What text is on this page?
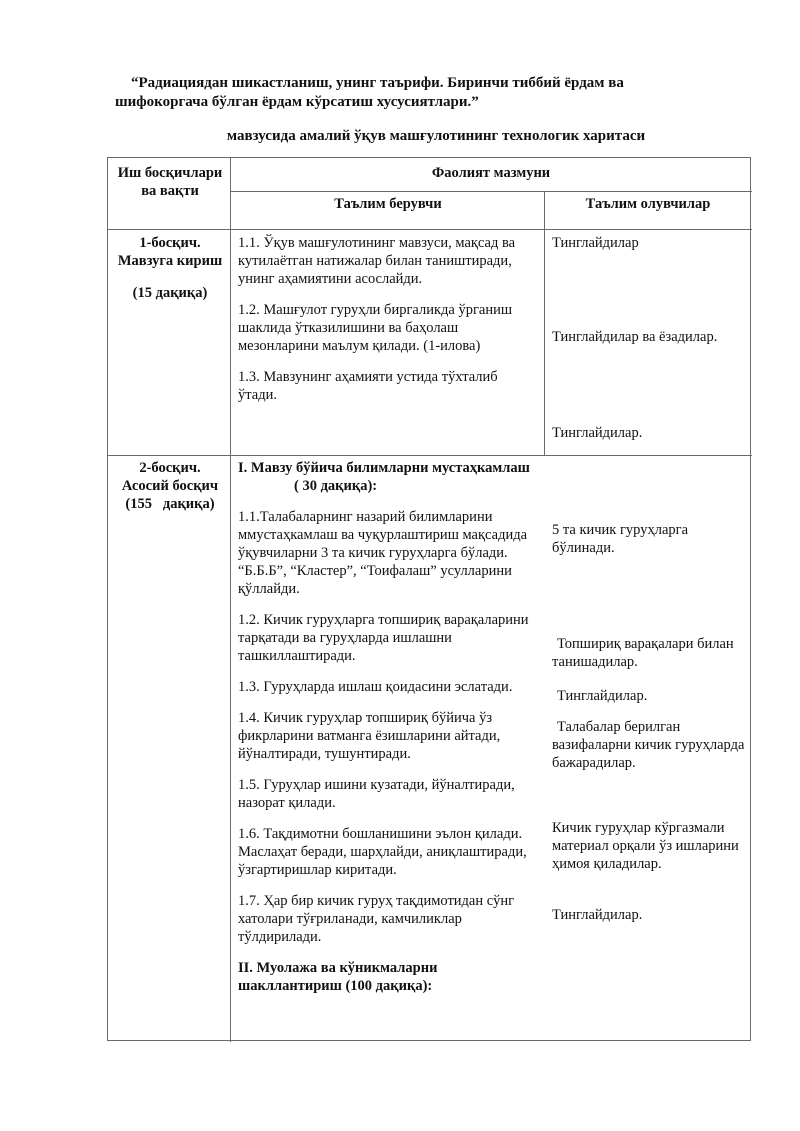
“Радиациядан шикастланиш, унинг таърифи. Биринчи тиббий ёрдам ва
шифокоргача бўлган ёрдам кўрсатиш хусусиятлари.”
мавзусида амалий ўқув машғулотининг технологик харитаси
Иш босқичлари ва вақти
Фаолият мазмуни
Таълим берувчи	Таълим олувчилар
1-босқич. Мавзуга кириш
(15 дақиқа)

1.1. Ўқув машғулотининг мавзуси, мақсад ва кутилаётган натижалар билан таништиради, унинг аҳамиятини асослайди.

1.2. Машғулот гуруҳли биргаликда ўрганиш шаклида ўтказилишини ва баҳолаш мезонларини маълум қилади. (1-илова)

1.3. Мавзунинг аҳамияти устида тўхталиб ўтади.

Тинглайдилар
Тинглайдилар ва ёзадилар.
Тинглайдилар.
2-босқич. Асосий босқич
(155   дақиқа)

I. Мавзу бўйича билимларни мустаҳкамлаш ( 30 дақиқа):

1.1.Талабаларнинг назарий билимларини ммустаҳкамлаш ва чуқурлаштириш мақсадида ўқувчиларни 3 та кичик гуруҳларга бўлади. “Б.Б.Б”, “Кластер”, “Тоифалаш” усулларини қўллайди.

1.2. Кичик гуруҳларга топшириқ варақаларини тарқатади ва гуруҳларда ишлашни ташкиллаштиради.

1.3. Гуруҳларда ишлаш қоидасини эслатади.

1.4. Кичик гуруҳлар топшириқ бўйича ўз фикрларини ватманга ёзишларини айтади, йўналтиради, тушунтиради.

1.5. Гуруҳлар ишини кузатади, йўналтиради, назорат қилади.

1.6. Тақдимотни бошланишини эълон қилади. Маслаҳат беради, шарҳлайди, аниқлаштиради, ўзгартиришлар киритади.

1.7. Ҳар бир кичик гуруҳ тақдимотидан сўнг хатолари тўғриланади, камчиликлар тўлдирилади.

II. Муолажа ва кўникмаларни шакллантириш (100 дақиқа):

5 та кичик гуруҳларга бўлинади.
Топшириқ варақалари билан танишадилар.
Тинглайдилар.
Талабалар берилган вазифаларни кичик гуруҳларда бажарадилар.
Кичик гуруҳлар кўргазмали материал орқали ўз ишларини ҳимоя қиладилар.
Тинглайдилар.
